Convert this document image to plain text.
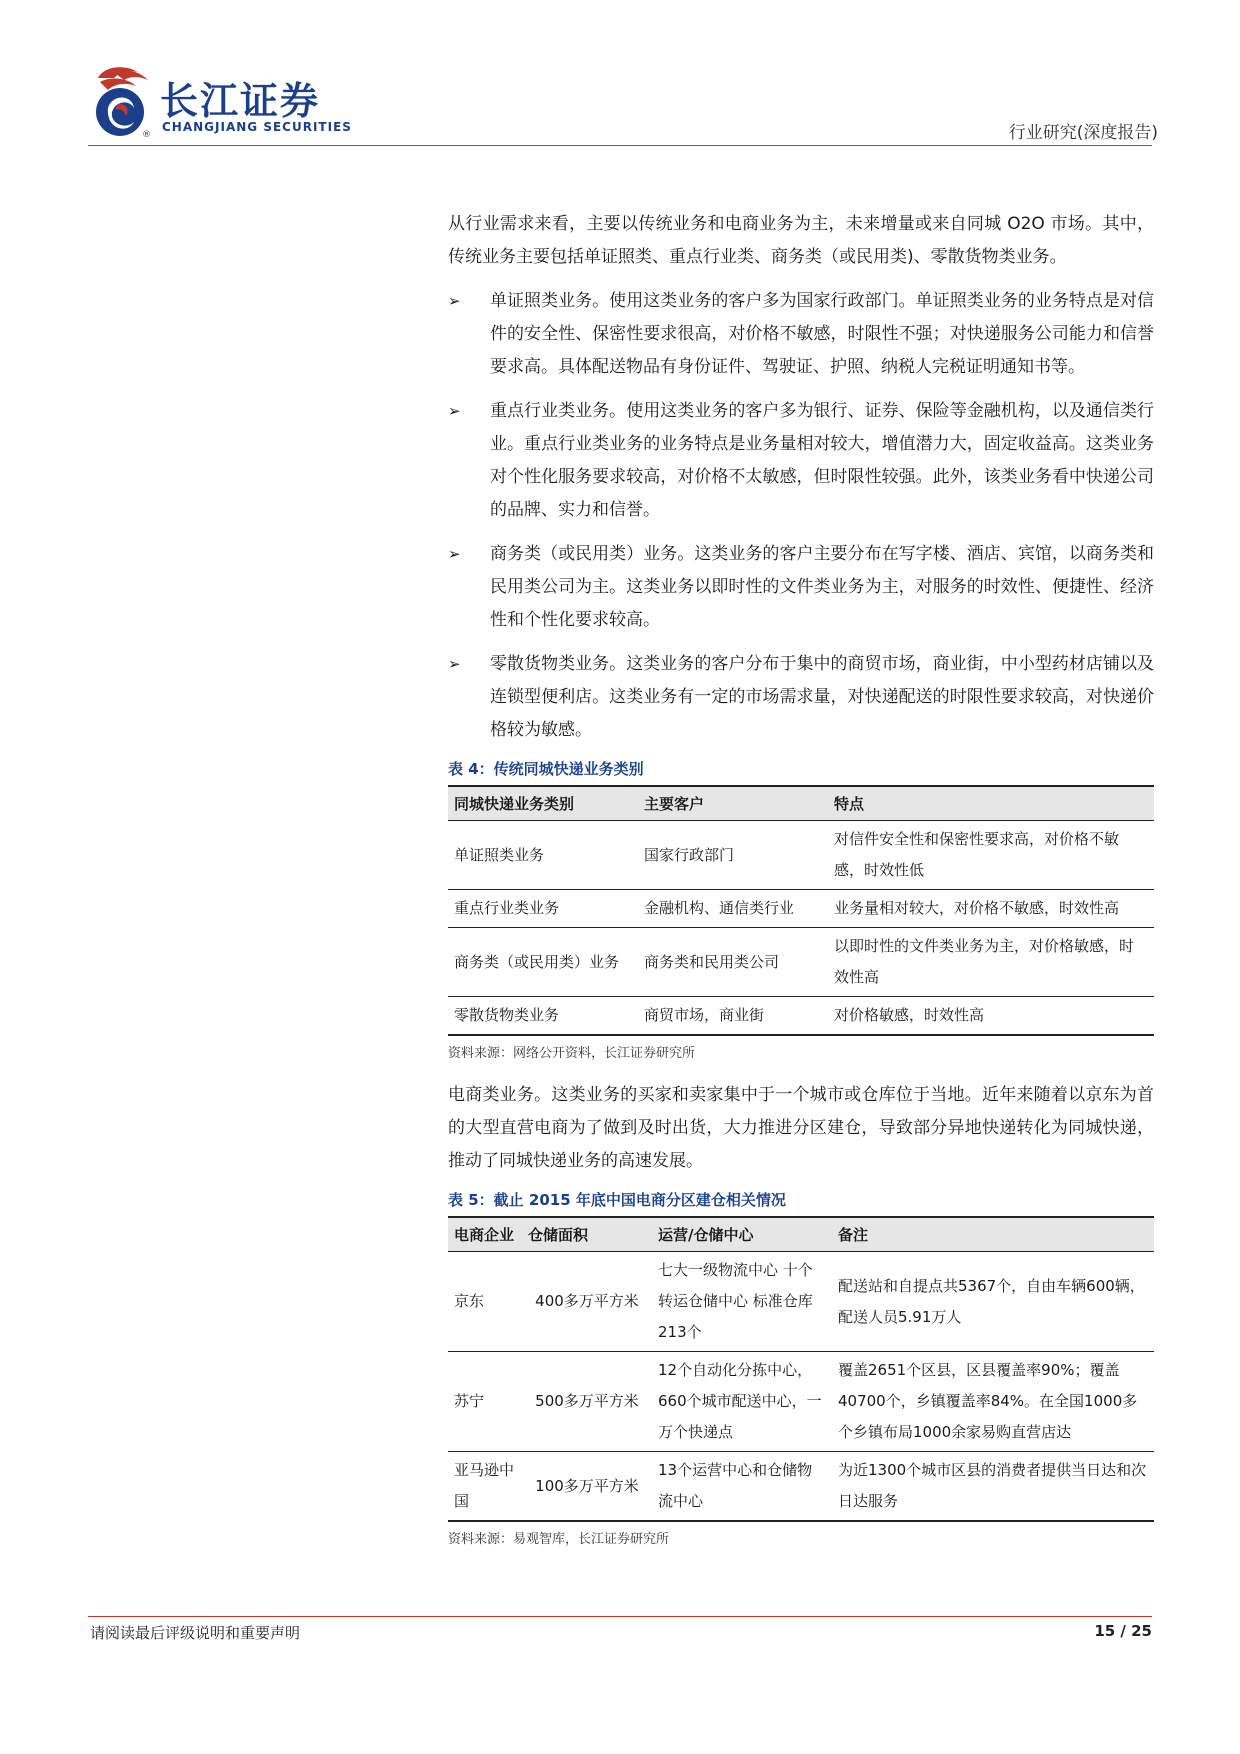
长江证券
CHANGJIANG SECURITIES
®	行业研究(深度报告)

从行业需求来看，主要以传统业务和电商业务为主，未来增量或来自同城 O2O 市场。其中，传统业务主要包括单证照类、重点行业类、商务类（或民用类)、零散货物类业务。

➢	单证照类业务。使用这类业务的客户多为国家行政部门。单证照类业务的业务特点是对信件的安全性、保密性要求很高，对价格不敏感，时限性不强；对快递服务公司能力和信誉要求高。具体配送物品有身份证件、驾驶证、护照、纳税人完税证明通知书等。
➢	重点行业类业务。使用这类业务的客户多为银行、证券、保险等金融机构，以及通信类行业。重点行业类业务的业务特点是业务量相对较大，增值潜力大，固定收益高。这类业务对个性化服务要求较高，对价格不太敏感，但时限性较强。此外，该类业务看中快递公司的品牌、实力和信誉。
➢	商务类（或民用类）业务。这类业务的客户主要分布在写字楼、酒店、宾馆，以商务类和民用类公司为主。这类业务以即时性的文件类业务为主，对服务的时效性、便捷性、经济性和个性化要求较高。
➢	零散货物类业务。这类业务的客户分布于集中的商贸市场，商业街，中小型药材店铺以及连锁型便利店。这类业务有一定的市场需求量，对快递配送的时限性要求较高，对快递价格较为敏感。
表 4：传统同城快递业务类别
同城快递业务类别	主要客户	特点
单证照类业务	国家行政部门	对信件安全性和保密性要求高，对价格不敏感，时效性低
重点行业类业务	金融机构、通信类行业	业务量相对较大，对价格不敏感，时效性高
商务类（或民用类）业务	商务类和民用类公司	以即时性的文件类业务为主，对价格敏感，时效性高
零散货物类业务	商贸市场，商业街	对价格敏感，时效性高
资料来源：网络公开资料，长江证券研究所

电商类业务。这类业务的买家和卖家集中于一个城市或仓库位于当地。近年来随着以京东为首的大型直营电商为了做到及时出货，大力推进分区建仓，导致部分异地快递转化为同城快递，推动了同城快递业务的高速发展。

表 5：截止 2015 年底中国电商分区建仓相关情况
电商企业	仓储面积	运营/仓储中心	备注
京东	400多万平方米	七大一级物流中心 十个转运仓储中心 标准仓库213个	配送站和自提点共5367个，自由车辆600辆，配送人员5.91万人
苏宁	500多万平方米	12个自动化分拣中心，660个城市配送中心，一万个快递点	覆盖2651个区县，区县覆盖率90%；覆盖40700个，乡镇覆盖率84%。在全国1000多个乡镇布局1000余家易购直营店达
亚马逊中国	100多万平方米	13个运营中心和仓储物流中心	为近1300个城市区县的消费者提供当日达和次日达服务
资料来源：易观智库，长江证券研究所
请阅读最后评级说明和重要声明	15 / 25
